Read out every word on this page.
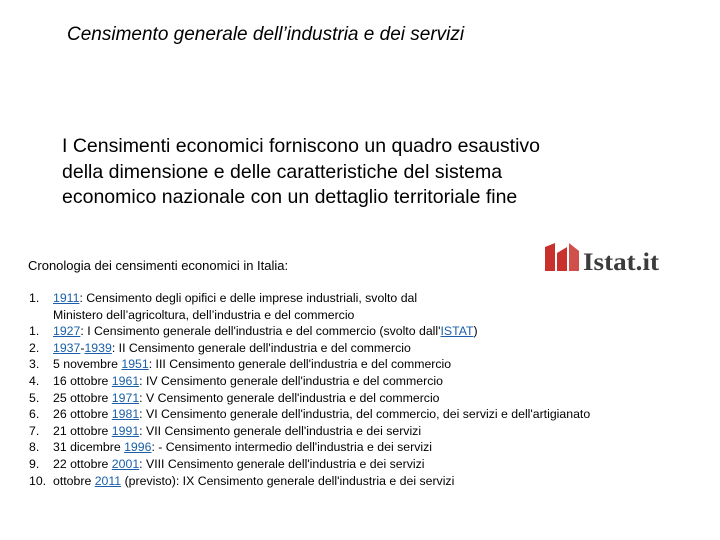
Censimento generale dell’industria e dei servizi
I Censimenti economici forniscono un quadro esaustivo
della dimensione e delle caratteristiche del sistema
economico nazionale con un dettaglio territoriale fine
Cronologia dei censimenti economici in Italia:	Istat.it
1. 1911: Censimento degli opifici e delle imprese industriali, svolto dal
Ministero dell’agricoltura, dell’industria e del commercio
1. 1927: I Censimento generale dell'industria e del commercio (svolto dall'ISTAT)
2. 1937-1939: II Censimento generale dell'industria e del commercio
3. 5 novembre 1951: III Censimento generale dell'industria e del commercio
4. 16 ottobre 1961: IV Censimento generale dell'industria e del commercio
5. 25 ottobre 1971: V Censimento generale dell'industria e del commercio
6. 26 ottobre 1981: VI Censimento generale dell'industria, del commercio, dei servizi e dell'artigianato
7. 21 ottobre 1991: VII Censimento generale dell'industria e dei servizi
8. 31 dicembre 1996: - Censimento intermedio dell'industria e dei servizi
9. 22 ottobre 2001: VIII Censimento generale dell'industria e dei servizi
10. ottobre 2011 (previsto): IX Censimento generale dell'industria e dei servizi
